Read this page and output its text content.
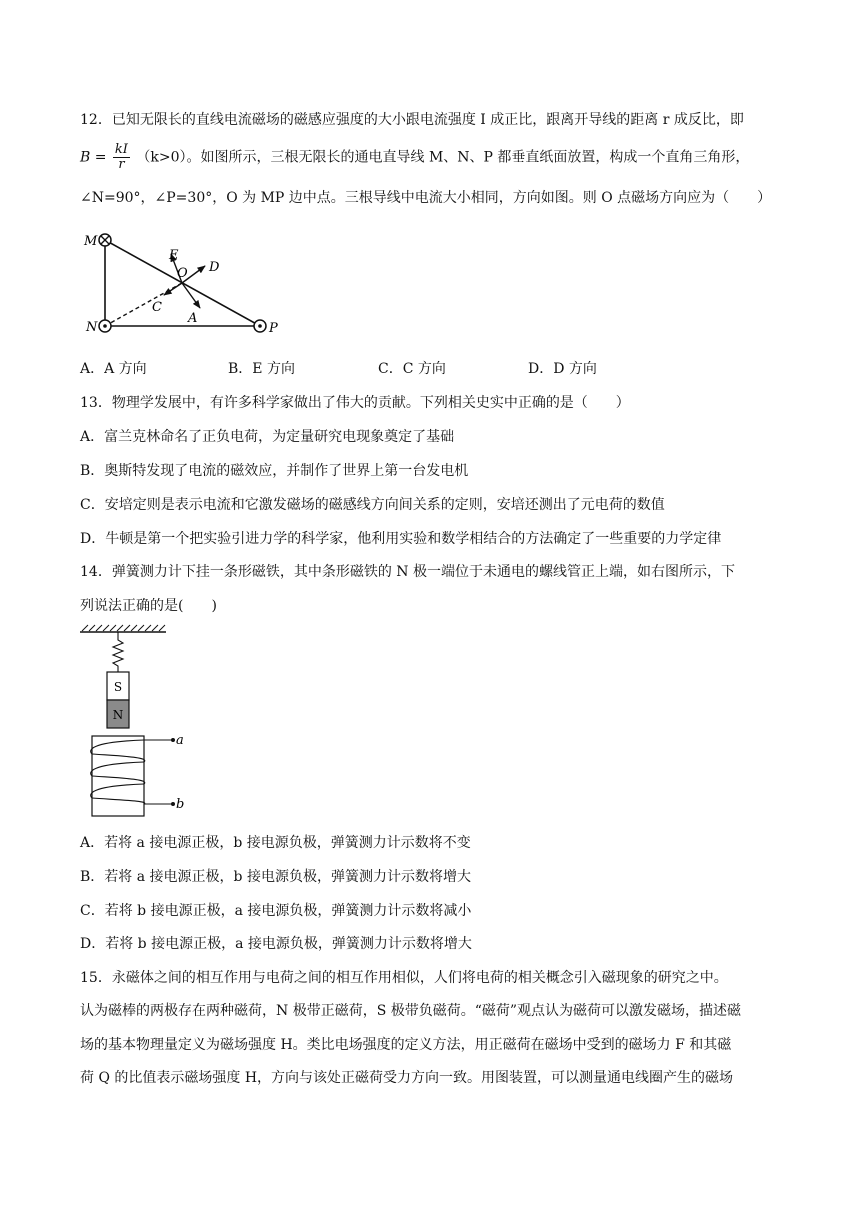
12．已知无限长的直线电流磁场的磁感应强度的大小跟电流强度 I 成正比，跟离开导线的距离 r 成反比，即
$B = \frac{kI}{r} (k>0)$。如图所示，三根无限长的通电直导线 M、N、P 都垂直纸面放置，构成一个直角三角形，
∠N=90°，∠P=30°，O 为 MP 边中点。三根导线中电流大小相同，方向如图。则 O 点磁场方向应为（　　）
M
N	P
O
E
D
C
A
A．A 方向	B．E 方向	C．C 方向	D．D 方向
13．物理学发展中，有许多科学家做出了伟大的贡献。下列相关史实中正确的是（　　）
A．富兰克林命名了正负电荷，为定量研究电现象奠定了基础
B．奥斯特发现了电流的磁效应，并制作了世界上第一台发电机
C．安培定则是表示电流和它激发磁场的磁感线方向间关系的定则，安培还测出了元电荷的数值
D．牛顿是第一个把实验引进力学的科学家，他利用实验和数学相结合的方法确定了一些重要的力学定律
14．弹簧测力计下挂一条形磁铁，其中条形磁铁的 N 极一端位于未通电的螺线管正上端，如右图所示，下
列说法正确的是(　　)
S
N
a
b
A．若将 a 接电源正极，b 接电源负极，弹簧测力计示数将不变
B．若将 a 接电源正极，b 接电源负极，弹簧测力计示数将增大
C．若将 b 接电源正极，a 接电源负极，弹簧测力计示数将减小
D．若将 b 接电源正极，a 接电源负极，弹簧测力计示数将增大
15．永磁体之间的相互作用与电荷之间的相互作用相似，人们将电荷的相关概念引入磁现象的研究之中。
认为磁棒的两极存在两种磁荷，N 极带正磁荷，S 极带负磁荷。“磁荷”观点认为磁荷可以激发磁场，描述磁
场的基本物理量定义为磁场强度 H。类比电场强度的定义方法，用正磁荷在磁场中受到的磁场力 F 和其磁
荷 Q 的比值表示磁场强度 H，方向与该处正磁荷受力方向一致。用图装置，可以测量通电线圈产生的磁场
